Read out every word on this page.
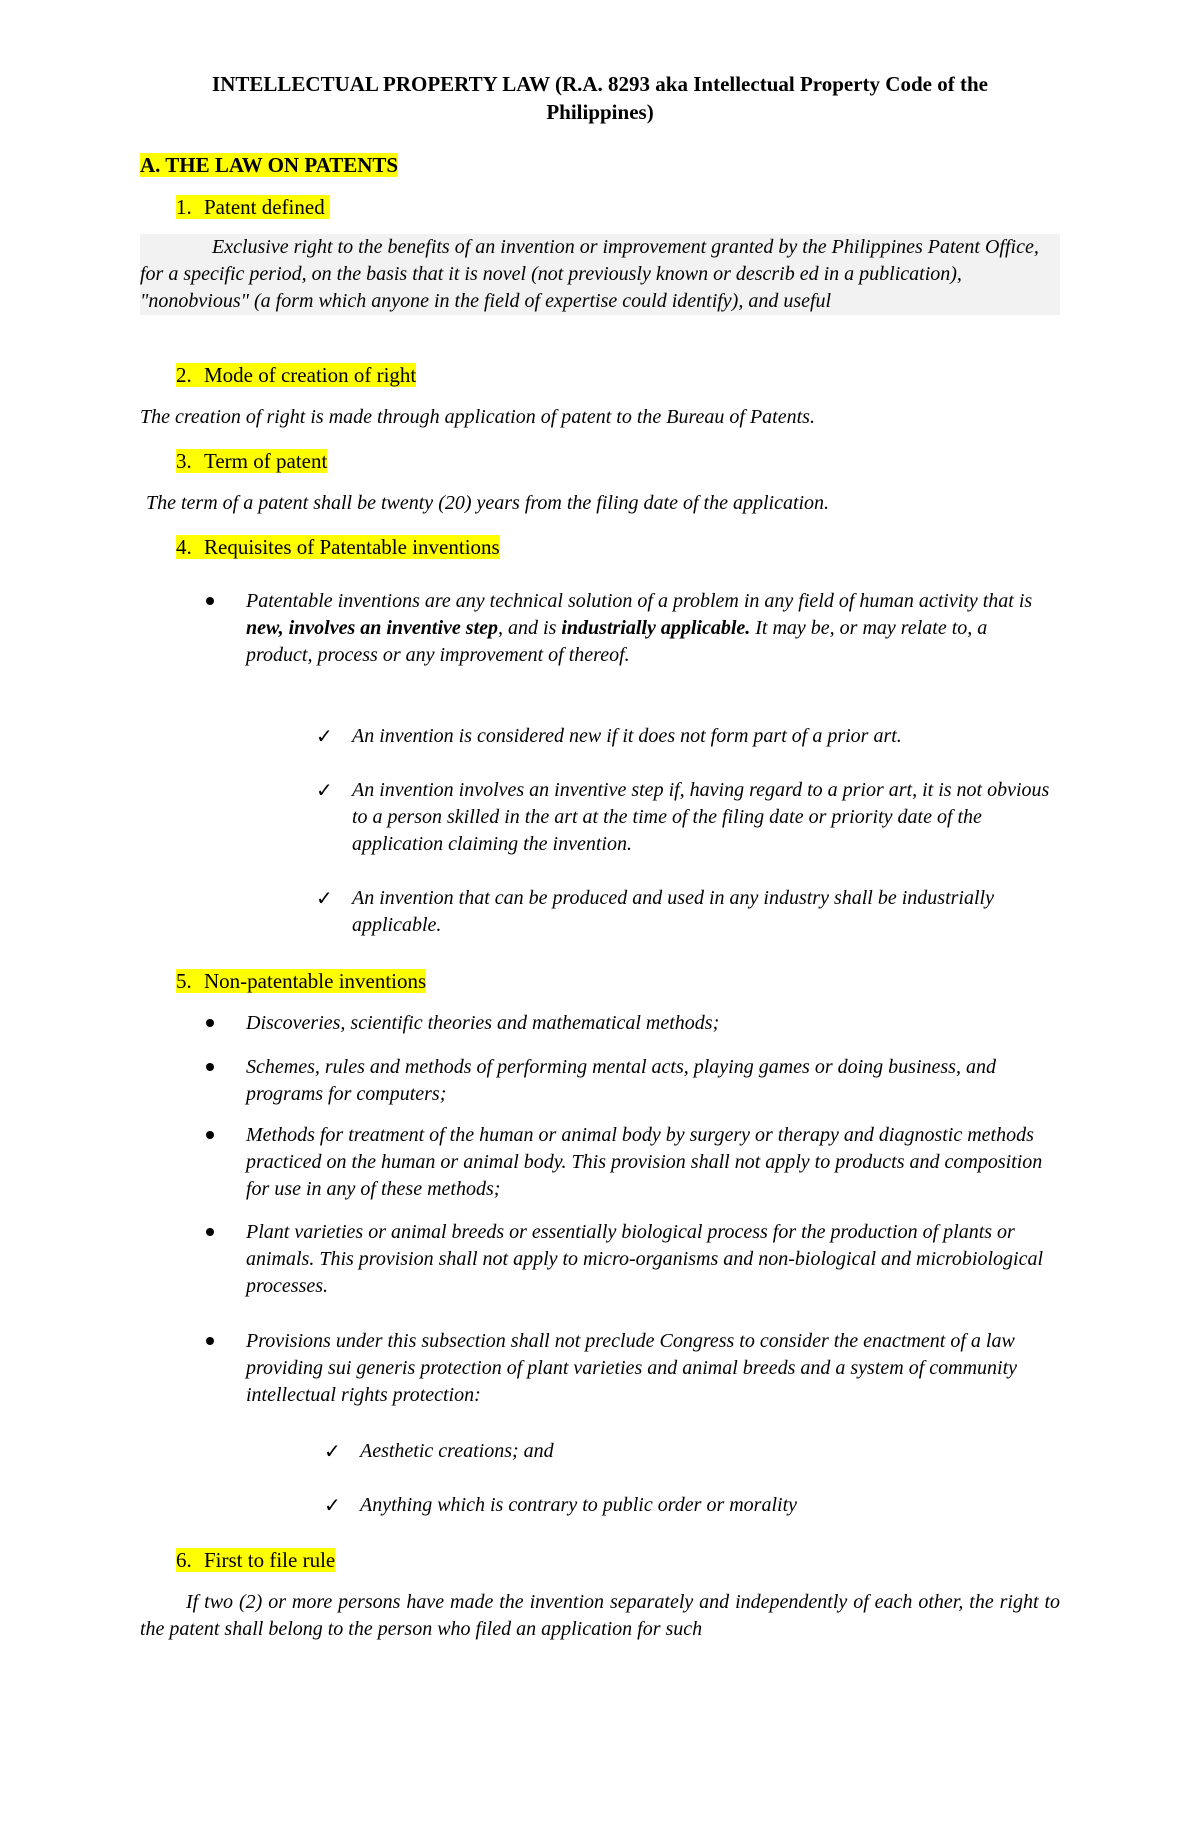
INTELLECTUAL PROPERTY LAW (R.A. 8293 aka Intellectual Property Code of the
Philippines)
A. THE LAW ON PATENTS
1. Patent defined
Exclusive right to the benefits of an invention or improvement granted by the Philippines Patent Office, for a specific period, on the basis that it is novel (not previously known or describ ed in a publication), "nonobvious" (a form which anyone in the field of expertise could identify), and useful
2. Mode of creation of right
The creation of right is made through application of patent to the Bureau of Patents.
3. Term of patent
The term of a patent shall be twenty (20) years from the filing date of the application.
4. Requisites of Patentable inventions
Patentable inventions are any technical solution of a problem in any field of human activity that is new, involves an inventive step, and is industrially applicable. It may be, or may relate to, a product, process or any improvement of thereof.
✓ An invention is considered new if it does not form part of a prior art.
✓ An invention involves an inventive step if, having regard to a prior art, it is not obvious to a person skilled in the art at the time of the filing date or priority date of the application claiming the invention.
✓ An invention that can be produced and used in any industry shall be industrially applicable.
5. Non-patentable inventions
Discoveries, scientific theories and mathematical methods;
Schemes, rules and methods of performing mental acts, playing games or doing business, and programs for computers;
Methods for treatment of the human or animal body by surgery or therapy and diagnostic methods practiced on the human or animal body. This provision shall not apply to products and composition for use in any of these methods;
Plant varieties or animal breeds or essentially biological process for the production of plants or animals. This provision shall not apply to micro-organisms and non-biological and microbiological processes.
Provisions under this subsection shall not preclude Congress to consider the enactment of a law providing sui generis protection of plant varieties and animal breeds and a system of community intellectual rights protection:
✓ Aesthetic creations; and
✓ Anything which is contrary to public order or morality
6. First to file rule
If two (2) or more persons have made the invention separately and independently of each other, the right to the patent shall belong to the person who filed an application for such
